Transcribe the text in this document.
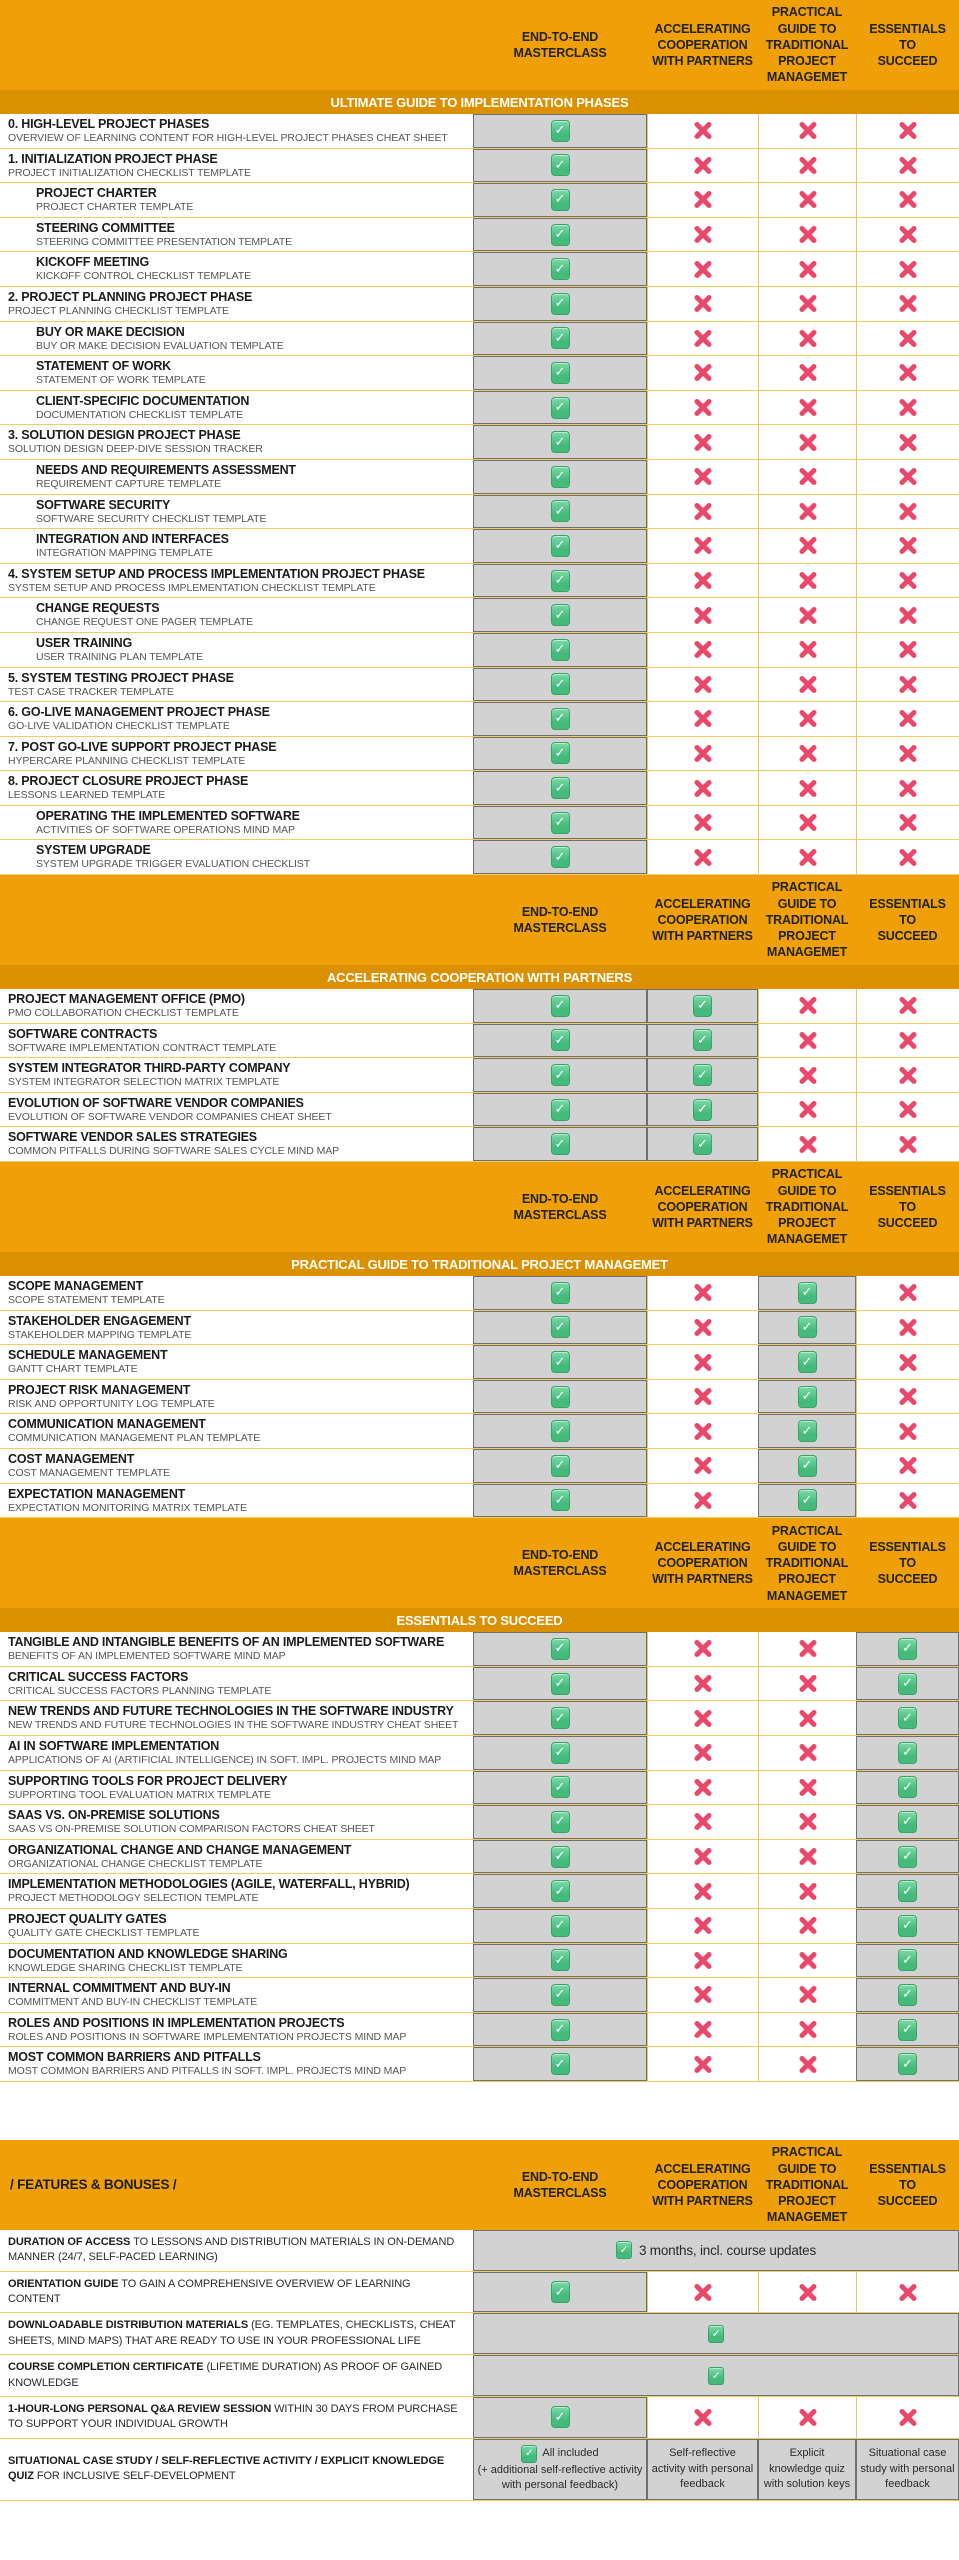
END-TO-END MASTERCLASS
ACCELERATING COOPERATION WITH PARTNERS
PRACTICAL GUIDE TO TRADITIONAL PROJECT MANAGEMET
ESSENTIALS TO SUCCEED
ULTIMATE GUIDE TO IMPLEMENTATION PHASES
0. HIGH-LEVEL PROJECT PHASES
OVERVIEW OF LEARNING CONTENT FOR HIGH-LEVEL PROJECT PHASES CHEAT SHEET
✓
1. INITIALIZATION PROJECT PHASE
PROJECT INITIALIZATION CHECKLIST TEMPLATE
✓
PROJECT CHARTER
PROJECT CHARTER TEMPLATE
✓
STEERING COMMITTEE
STEERING COMMITTEE PRESENTATION TEMPLATE
✓
KICKOFF MEETING
KICKOFF CONTROL CHECKLIST TEMPLATE
✓
2. PROJECT PLANNING PROJECT PHASE
PROJECT PLANNING CHECKLIST TEMPLATE
✓
BUY OR MAKE DECISION
BUY OR MAKE DECISION EVALUATION TEMPLATE
✓
STATEMENT OF WORK
STATEMENT OF WORK TEMPLATE
✓
CLIENT-SPECIFIC DOCUMENTATION
DOCUMENTATION CHECKLIST TEMPLATE
✓
3. SOLUTION DESIGN PROJECT PHASE
SOLUTION DESIGN DEEP-DIVE SESSION TRACKER
✓
NEEDS AND REQUIREMENTS ASSESSMENT
REQUIREMENT CAPTURE TEMPLATE
✓
SOFTWARE SECURITY
SOFTWARE SECURITY CHECKLIST TEMPLATE
✓
INTEGRATION AND INTERFACES
INTEGRATION MAPPING TEMPLATE
✓
4. SYSTEM SETUP AND PROCESS IMPLEMENTATION PROJECT PHASE
SYSTEM SETUP AND PROCESS IMPLEMENTATION CHECKLIST TEMPLATE
✓
CHANGE REQUESTS
CHANGE REQUEST ONE PAGER TEMPLATE
✓
USER TRAINING
USER TRAINING PLAN TEMPLATE
✓
5. SYSTEM TESTING PROJECT PHASE
TEST CASE TRACKER TEMPLATE
✓
6. GO-LIVE MANAGEMENT PROJECT PHASE
GO-LIVE VALIDATION CHECKLIST TEMPLATE
✓
7. POST GO-LIVE SUPPORT PROJECT PHASE
HYPERCARE PLANNING CHECKLIST TEMPLATE
✓
8. PROJECT CLOSURE PROJECT PHASE
LESSONS LEARNED TEMPLATE
✓
OPERATING THE IMPLEMENTED SOFTWARE
ACTIVITIES OF SOFTWARE OPERATIONS MIND MAP
✓
SYSTEM UPGRADE
SYSTEM UPGRADE TRIGGER EVALUATION CHECKLIST
✓
END-TO-END MASTERCLASS
ACCELERATING COOPERATION WITH PARTNERS
PRACTICAL GUIDE TO TRADITIONAL PROJECT MANAGEMET
ESSENTIALS TO SUCCEED
ACCELERATING COOPERATION WITH PARTNERS
PROJECT MANAGEMENT OFFICE (PMO)
PMO COLLABORATION CHECKLIST TEMPLATE
✓
✓
SOFTWARE CONTRACTS
SOFTWARE IMPLEMENTATION CONTRACT TEMPLATE
✓
✓
SYSTEM INTEGRATOR THIRD-PARTY COMPANY
SYSTEM INTEGRATOR SELECTION MATRIX TEMPLATE
✓
✓
EVOLUTION OF SOFTWARE VENDOR COMPANIES
EVOLUTION OF SOFTWARE VENDOR COMPANIES CHEAT SHEET
✓
✓
SOFTWARE VENDOR SALES STRATEGIES
COMMON PITFALLS DURING SOFTWARE SALES CYCLE MIND MAP
✓
✓
END-TO-END MASTERCLASS
ACCELERATING COOPERATION WITH PARTNERS
PRACTICAL GUIDE TO TRADITIONAL PROJECT MANAGEMET
ESSENTIALS TO SUCCEED
PRACTICAL GUIDE TO TRADITIONAL PROJECT MANAGEMET
SCOPE MANAGEMENT
SCOPE STATEMENT TEMPLATE
✓
✓
STAKEHOLDER ENGAGEMENT
STAKEHOLDER MAPPING TEMPLATE
✓
✓
SCHEDULE MANAGEMENT
GANTT CHART TEMPLATE
✓
✓
PROJECT RISK MANAGEMENT
RISK AND OPPORTUNITY LOG TEMPLATE
✓
✓
COMMUNICATION MANAGEMENT
COMMUNICATION MANAGEMENT PLAN TEMPLATE
✓
✓
COST MANAGEMENT
COST MANAGEMENT TEMPLATE
✓
✓
EXPECTATION MANAGEMENT
EXPECTATION MONITORING MATRIX TEMPLATE
✓
✓
END-TO-END MASTERCLASS
ACCELERATING COOPERATION WITH PARTNERS
PRACTICAL GUIDE TO TRADITIONAL PROJECT MANAGEMET
ESSENTIALS TO SUCCEED
ESSENTIALS TO SUCCEED
TANGIBLE AND INTANGIBLE BENEFITS OF AN IMPLEMENTED SOFTWARE
BENEFITS OF AN IMPLEMENTED SOFTWARE MIND MAP
✓
✓
CRITICAL SUCCESS FACTORS
CRITICAL SUCCESS FACTORS PLANNING TEMPLATE
✓
✓
NEW TRENDS AND FUTURE TECHNOLOGIES IN THE SOFTWARE INDUSTRY
NEW TRENDS AND FUTURE TECHNOLOGIES IN THE SOFTWARE INDUSTRY CHEAT SHEET
✓
✓
AI IN SOFTWARE IMPLEMENTATION
APPLICATIONS OF AI (ARTIFICIAL INTELLIGENCE) IN SOFT. IMPL. PROJECTS MIND MAP
✓
✓
SUPPORTING TOOLS FOR PROJECT DELIVERY
SUPPORTING TOOL EVALUATION MATRIX TEMPLATE
✓
✓
SAAS VS. ON-PREMISE SOLUTIONS
SAAS VS ON-PREMISE SOLUTION COMPARISON FACTORS CHEAT SHEET
✓
✓
ORGANIZATIONAL CHANGE AND CHANGE MANAGEMENT
ORGANIZATIONAL CHANGE CHECKLIST TEMPLATE
✓
✓
IMPLEMENTATION METHODOLOGIES (AGILE, WATERFALL, HYBRID)
PROJECT METHODOLOGY SELECTION TEMPLATE
✓
✓
PROJECT QUALITY GATES
QUALITY GATE CHECKLIST TEMPLATE
✓
✓
DOCUMENTATION AND KNOWLEDGE SHARING
KNOWLEDGE SHARING CHECKLIST TEMPLATE
✓
✓
INTERNAL COMMITMENT AND BUY-IN
COMMITMENT AND BUY-IN CHECKLIST TEMPLATE
✓
✓
ROLES AND POSITIONS IN IMPLEMENTATION PROJECTS
ROLES AND POSITIONS IN SOFTWARE IMPLEMENTATION PROJECTS MIND MAP
✓
✓
MOST COMMON BARRIERS AND PITFALLS
MOST COMMON BARRIERS AND PITFALLS IN SOFT. IMPL. PROJECTS MIND MAP
✓
✓
/ FEATURES & BONUSES /
END-TO-END MASTERCLASS
ACCELERATING COOPERATION WITH PARTNERS
PRACTICAL GUIDE TO TRADITIONAL PROJECT MANAGEMET
ESSENTIALS TO SUCCEED
DURATION OF ACCESS TO LESSONS AND DISTRIBUTION MATERIALS IN ON-DEMAND MANNER (24/7, SELF-PACED LEARNING) ✓	3 months, incl. course updates
ORIENTATION GUIDE TO GAIN A COMPREHENSIVE OVERVIEW OF LEARNING CONTENT
✓
DOWNLOADABLE DISTRIBUTION MATERIALS (EG. TEMPLATES, CHECKLISTS, CHEAT SHEETS, MIND MAPS) THAT ARE READY TO USE IN YOUR PROFESSIONAL LIFE
✓
COURSE COMPLETION CERTIFICATE (LIFETIME DURATION) AS PROOF OF GAINED KNOWLEDGE
✓
1-HOUR-LONG PERSONAL Q&A REVIEW SESSION WITHIN 30 DAYS FROM PURCHASE TO SUPPORT YOUR INDIVIDUAL GROWTH
✓
SITUATIONAL CASE STUDY / SELF-REFLECTIVE ACTIVITY / EXPLICIT KNOWLEDGE QUIZ FOR INCLUSIVE SELF-DEVELOPMENT
✓
All included
(+ additional self-reflective activity with personal feedback)
Self-reflective activity with personal feedback
Explicit knowledge quiz with solution keys
Situational case study with personal feedback
